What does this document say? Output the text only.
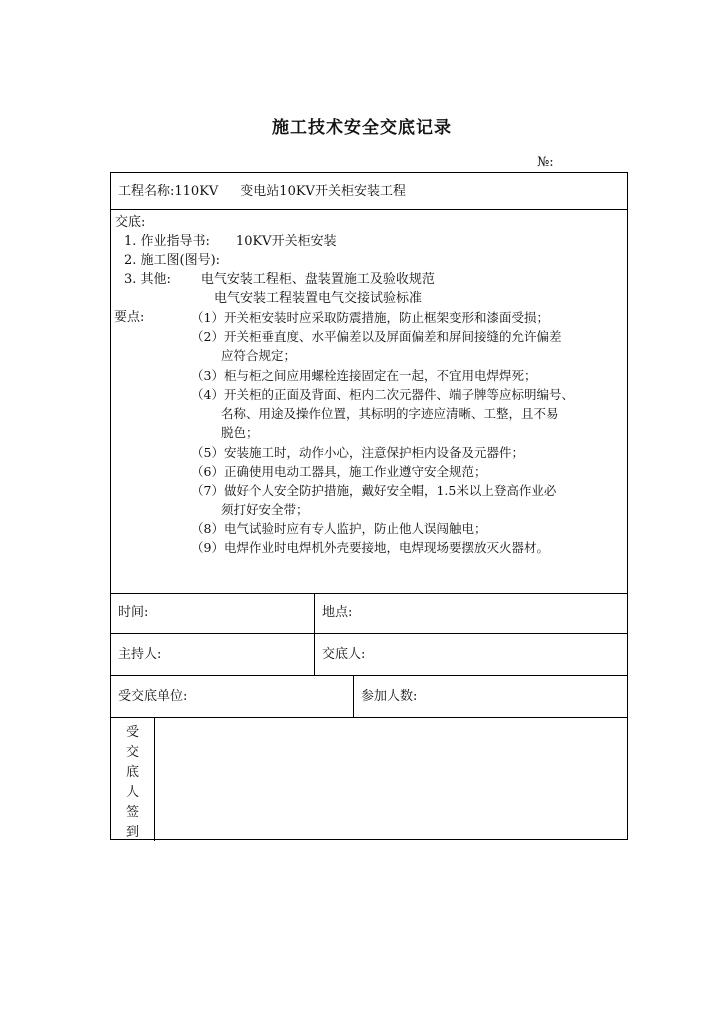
施工技术安全交底记录
№:
工程名称:110KV 变电站10KV开关柜安装工程
交底:
1. 作业指导书: 10KV开关柜安装
2. 施工图(图号):
3. 其他: 电气安装工程柜、盘装置施工及验收规范
电气安装工程装置电气交接试验标准
要点:	（1）开关柜安装时应采取防震措施，防止框架变形和漆面受损；
（2）开关柜垂直度、水平偏差以及屏面偏差和屏间接缝的允许偏差
应符合规定；
（3）柜与柜之间应用螺栓连接固定在一起，不宜用电焊焊死；
（4）开关柜的正面及背面、柜内二次元器件、端子牌等应标明编号、
名称、用途及操作位置，其标明的字迹应清晰、工整，且不易
脱色；
（5）安装施工时，动作小心，注意保护柜内设备及元器件；
（6）正确使用电动工器具，施工作业遵守安全规范；
（7）做好个人安全防护措施，戴好安全帽，1.5米以上登高作业必
须打好安全带；
（8）电气试验时应有专人监护，防止他人误闯触电；
（9）电焊作业时电焊机外壳要接地，电焊现场要摆放灭火器材。
时间:	地点:
主持人:	交底人:
受交底单位:	参加人数:
受
交
底
人
签
到
